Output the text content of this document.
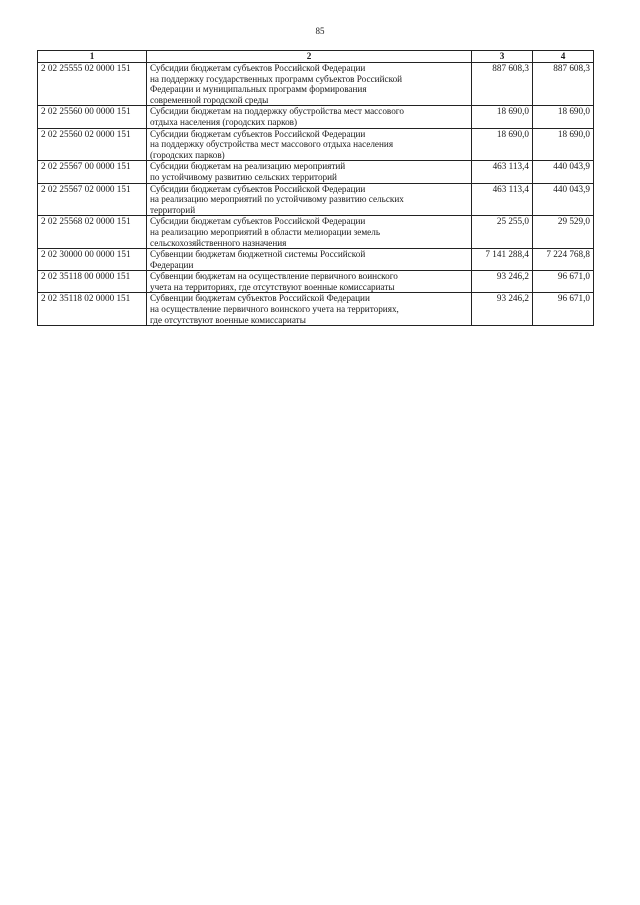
85
1	2	3	4
2 02 25555 02 0000 151	Субсидии бюджетам субъектов Российской Федерации
на поддержку государственных программ субъектов Российской
Федерации и муниципальных программ формирования
современной городской среды	887 608,3	887 608,3
2 02 25560 00 0000 151	Субсидии бюджетам на поддержку обустройства мест массового
отдыха населения (городских парков)	18 690,0	18 690,0
2 02 25560 02 0000 151	Субсидии бюджетам субъектов Российской Федерации
на поддержку обустройства мест массового отдыха населения
(городских парков)	18 690,0	18 690,0
2 02 25567 00 0000 151	Субсидии бюджетам на реализацию мероприятий
по устойчивому развитию сельских территорий	463 113,4	440 043,9
2 02 25567 02 0000 151	Субсидии бюджетам субъектов Российской Федерации
на реализацию мероприятий по устойчивому развитию сельских
территорий	463 113,4	440 043,9
2 02 25568 02 0000 151	Субсидии бюджетам субъектов Российской Федерации
на реализацию мероприятий в области мелиорации земель
сельскохозяйственного назначения	25 255,0	29 529,0
2 02 30000 00 0000 151	Субвенции бюджетам бюджетной системы Российской
Федерации	7 141 288,4	7 224 768,8
2 02 35118 00 0000 151	Субвенции бюджетам на осуществление первичного воинского
учета на территориях, где отсутствуют военные комиссариаты	93 246,2	96 671,0
2 02 35118 02 0000 151	Субвенции бюджетам субъектов Российской Федерации
на осуществление первичного воинского учета на территориях,
где отсутствуют военные комиссариаты	93 246,2	96 671,0
